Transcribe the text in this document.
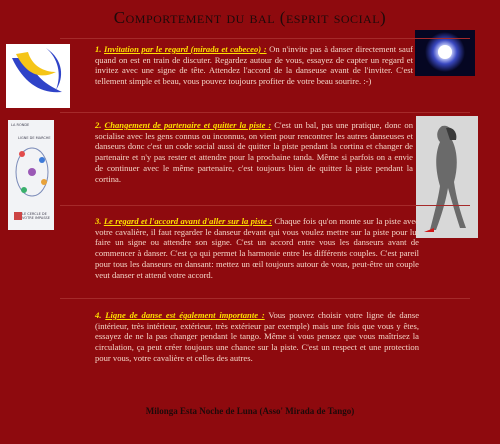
Comportement du bal (esprit social)
LA RONDE
LIGNE DE MARCHE
LE CERCLE DE VOTRE IMPASSE
1. Invitation par le regard (mirada et cabeceo) : On n'invite pas à danser directement sauf quand on est en train de discuter. Regardez autour de vous, essayez de capter un regard et invitez avec une signe de tête. Attendez l'accord de la danseuse avant de l'inviter. C'est tellement simple et beau, vous pouvez toujours profiter de votre beau sourire. :-)
2. Changement de partenaire et quitter la piste : C'est un bal, pas une pratique, donc on socialise avec les gens connus ou inconnus, on vient pour rencontrer les autres danseuses et danseurs donc c'est un code social aussi de quitter la piste pendant la cortina et changer de partenaire et n'y pas rester et attendre pour la prochaine tanda. Même si parfois on a envie de continuer avec le même partenaire, c'est toujours bien de quitter la piste pendant la cortina.
3. Le regard et l'accord avant d'aller sur la piste : Chaque fois qu'on monte sur la piste avec votre cavalière, il faut regarder le danseur devant qui vous voulez mettre sur la piste pour lui faire un signe ou attendre son signe. C'est un accord entre vous les danseurs avant de commencer à danser. C'est ça qui permet la harmonie entre les différents couples. C'est pareil pour tous les danseurs en dansant: mettez un œil toujours autour de vous, peut-être un couple veut danser et attend votre accord.
4. Ligne de danse est également importante : Vous pouvez choisir votre ligne de danse (intérieur, très intérieur, extérieur, très extérieur par exemple) mais une fois que vous y êtes, essayez de ne la pas changer pendant le tango. Même si vous pensez que vous maîtrisez la circulation, ça peut créer toujours une chance sur la piste. C'est un respect et une protection pour vous, votre cavalière et celles des autres.
Milonga Esta Noche de Luna (Asso' Mirada de Tango)
